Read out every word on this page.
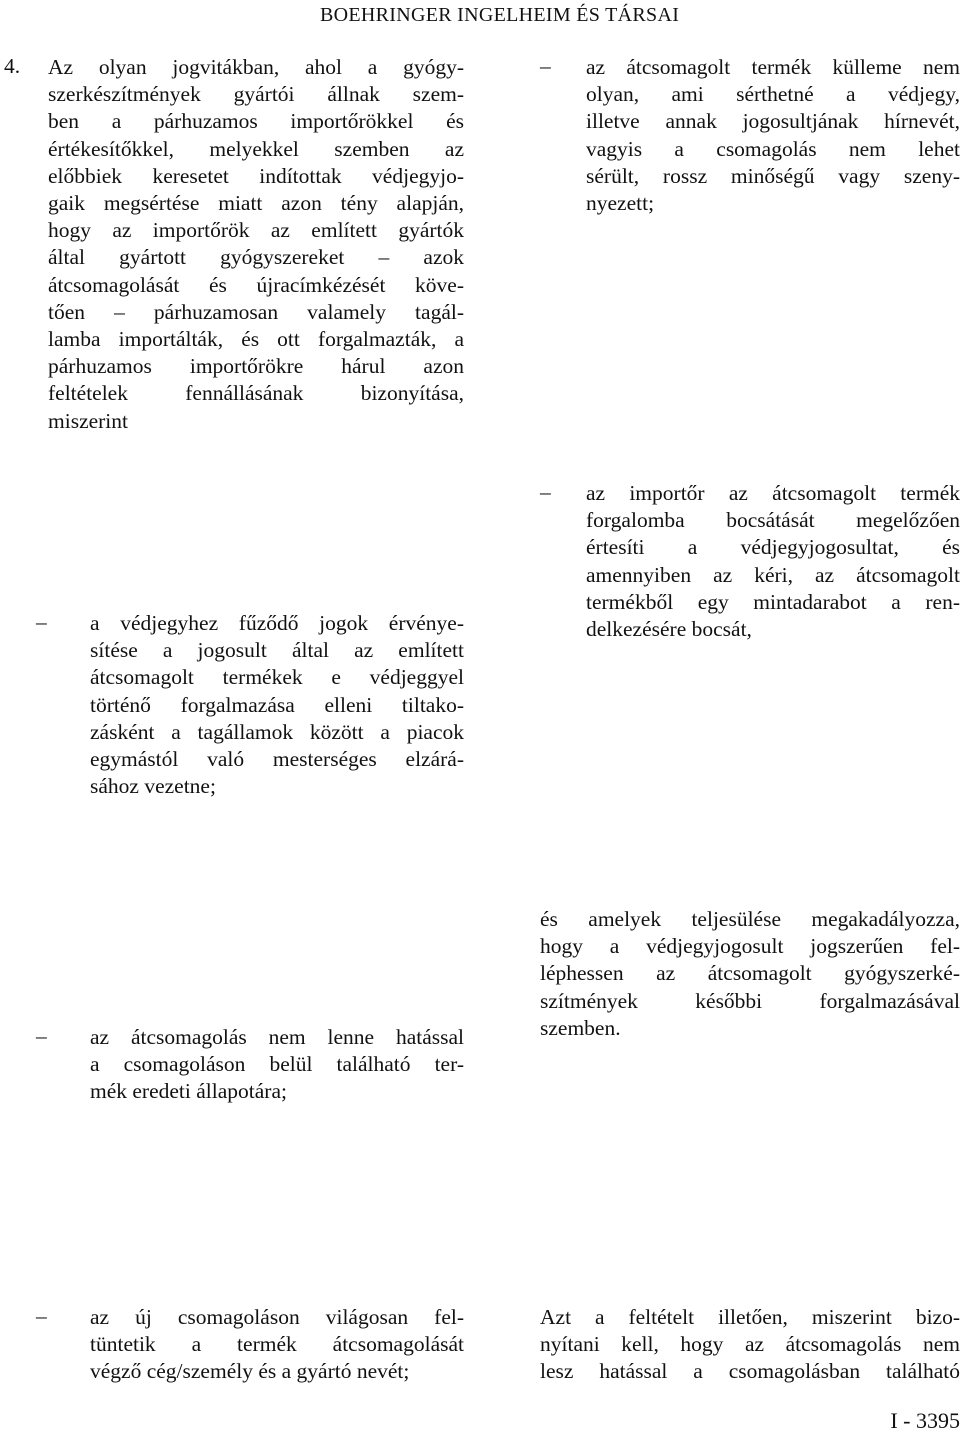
BOEHRINGER INGELHEIM ÉS TÁRSAI
4. Az olyan jogvitákban, ahol a gyógy-
szerkészítmények gyártói állnak szem-
ben a párhuzamos importőrökkel és
értékesítőkkel, melyekkel szemben az
előbbiek keresetet indítottak védjegyjo-
gaik megsértése miatt azon tény alapján,
hogy az importőrök az említett gyártók
által gyártott gyógyszereket – azok
átcsomagolását és újracímkézését köve-
tően – párhuzamosan valamely tagál-
lamba importálták, és ott forgalmazták, a
párhuzamos importőrökre hárul azon
feltételek fennállásának bizonyítása,
miszerint
– az átcsomagolt termék külleme nem
olyan, ami sérthetné a védjegy,
illetve annak jogosultjának hírnevét,
vagyis a csomagolás nem lehet
sérült, rossz minőségű vagy szeny-
nyezett;
– az importőr az átcsomagolt termék
forgalomba bocsátását megelőzően
értesíti a védjegyjogosultat, és
amennyiben az kéri, az átcsomagolt
termékből egy mintadarabot a ren-
delkezésére bocsát,
– a védjegyhez fűződő jogok érvénye-
sítése a jogosult által az említett
átcsomagolt termékek e védjeggyel
történő forgalmazása elleni tiltako-
zásként a tagállamok között a piacok
egymástól való mesterséges elzárá-
sához vezetne;
és amelyek teljesülése megakadályozza,
hogy a védjegyjogosult jogszerűen fel-
léphessen az átcsomagolt gyógyszerké-
szítmények későbbi forgalmazásával
szemben.
– az átcsomagolás nem lenne hatással
a csomagoláson belül található ter-
mék eredeti állapotára;
– az új csomagoláson világosan fel-
tüntetik a termék átcsomagolását
végző cég/személy és a gyártó nevét;
Azt a feltételt illetően, miszerint bizo-
nyítani kell, hogy az átcsomagolás nem
lesz hatással a csomagolásban található
I - 3395
